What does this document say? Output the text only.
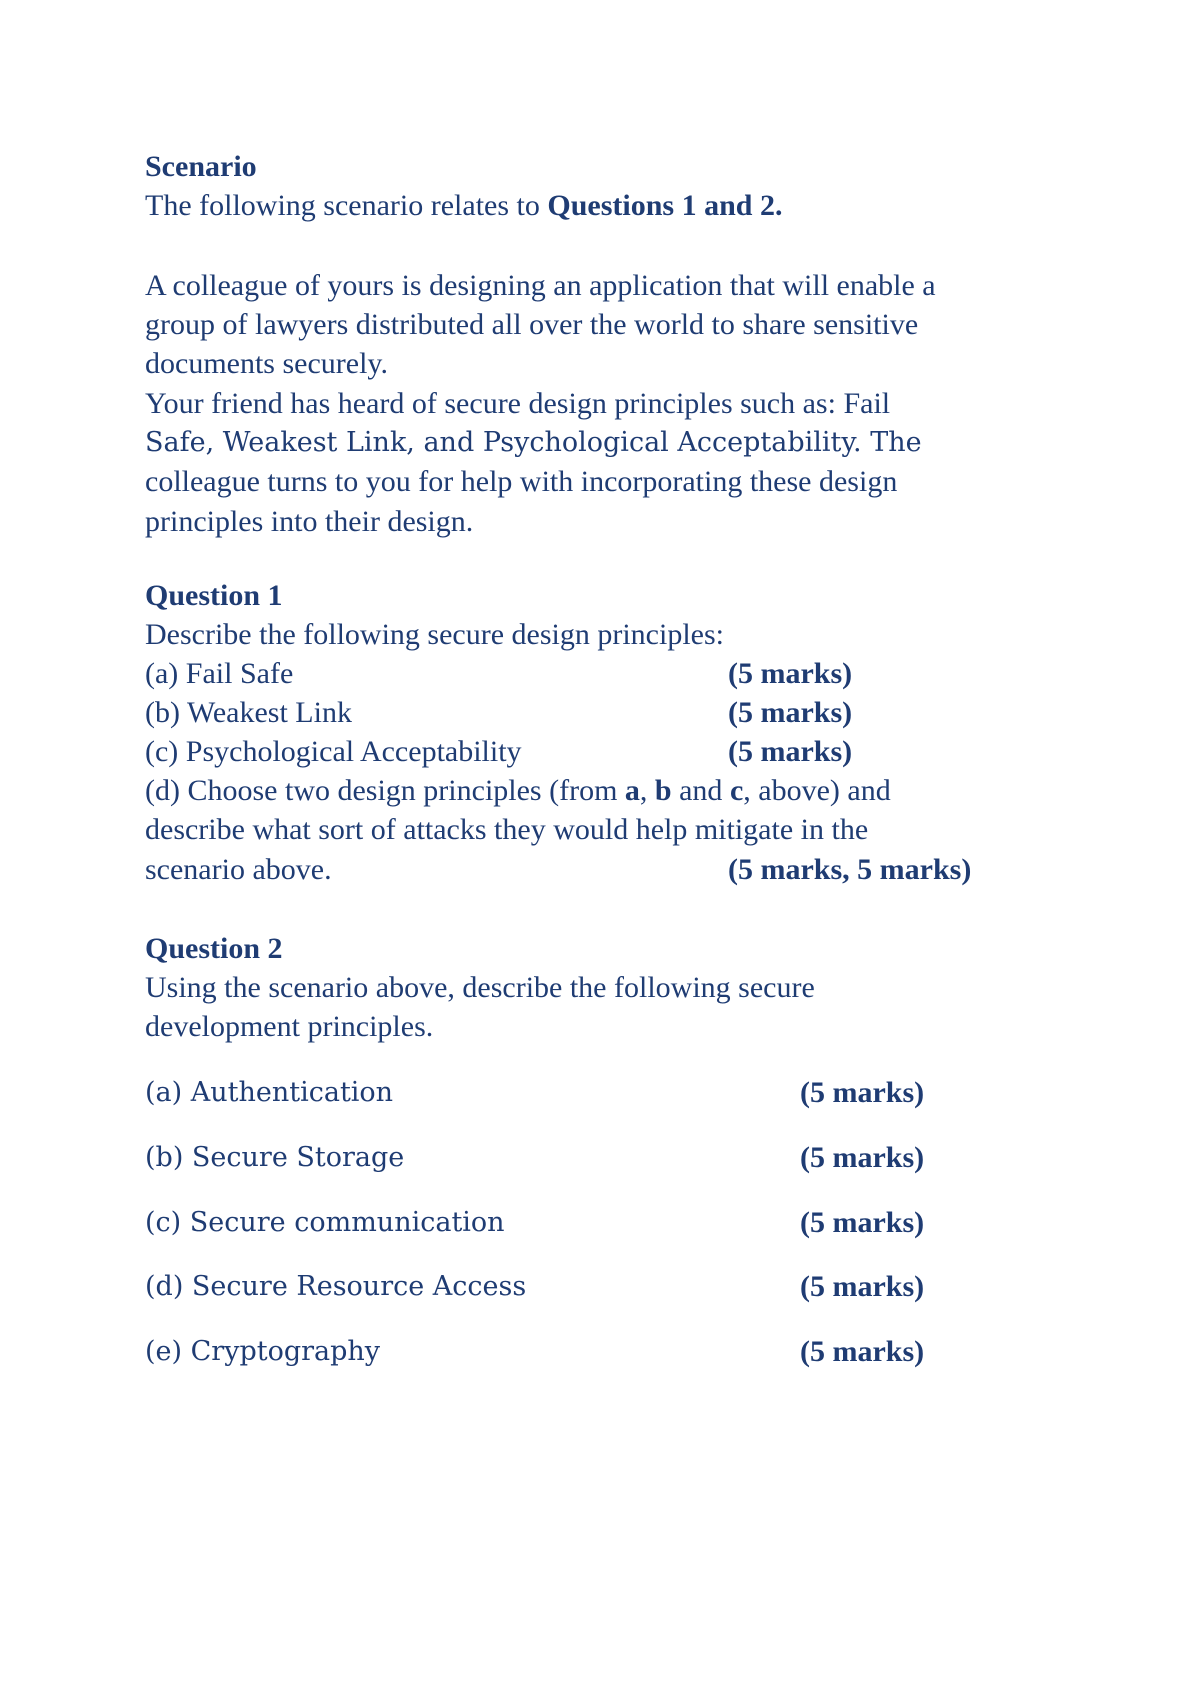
Scenario
The following scenario relates to Questions 1 and 2.
A colleague of yours is designing an application that will enable a
group of lawyers distributed all over the world to share sensitive
documents securely.
Your friend has heard of secure design principles such as: Fail
Safe, Weakest Link, and Psychological Acceptability. The
colleague turns to you for help with incorporating these design
principles into their design.
Question 1
Describe the following secure design principles:
(a) Fail Safe	(5 marks)
(b) Weakest Link	(5 marks)
(c) Psychological Acceptability	(5 marks)
(d) Choose two design principles (from a, b and c, above) and
describe what sort of attacks they would help mitigate in the
scenario above.	(5 marks, 5 marks)
Question 2
Using the scenario above, describe the following secure
development principles.
(a) Authentication	(5 marks)
(b) Secure Storage	(5 marks)
(c) Secure communication	(5 marks)
(d) Secure Resource Access	(5 marks)
(e) Cryptography	(5 marks)
